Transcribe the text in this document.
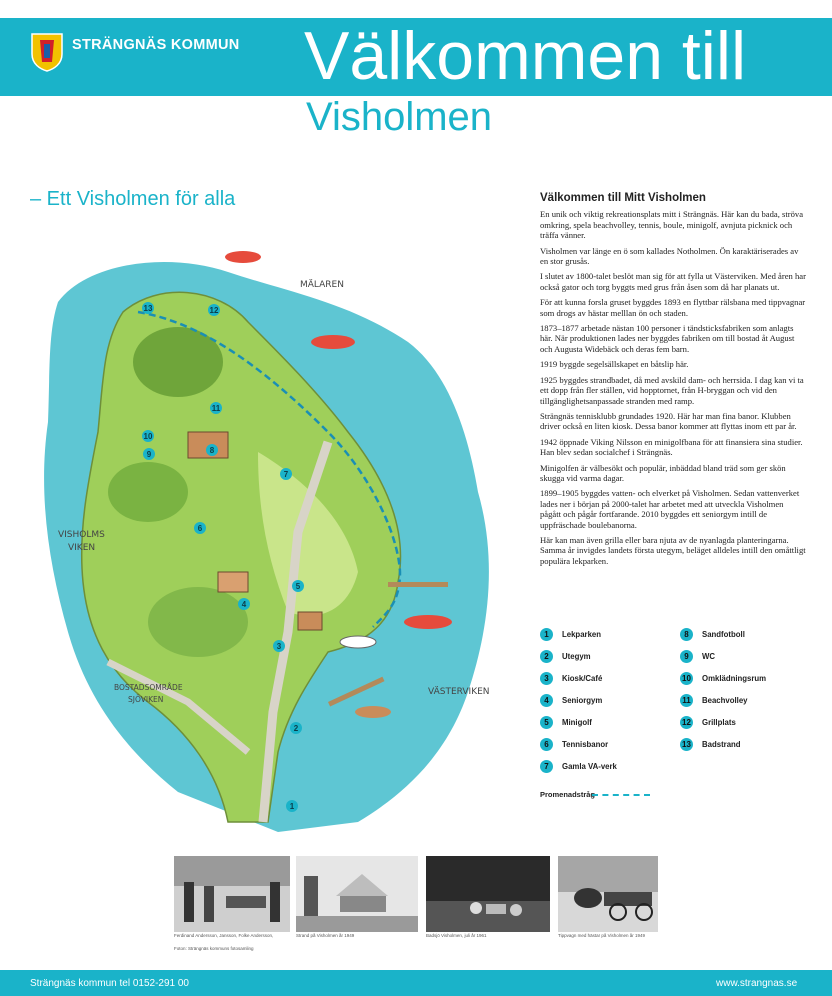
STRÄNGNÄS KOMMUN Välkommen till
Visholmen
– Ett Visholmen för alla
MÄLAREN
VISHOLMS
VIKEN
VÄSTERVIKEN
BOSTADSOMRÅDE
SJÖVIKEN
1
2
3
4
5
6
7
8
9
10
11
12
13
Välkommen till Mitt Visholmen

En unik och viktig rekreationsplats mitt i Strängnäs. Här kan du bada, ströva omkring, spela beachvolley, tennis, boule, minigolf, avnjuta picknick och träffa vänner.

Visholmen var länge en ö som kallades Notholmen. Ön karaktäriserades av en stor grusås.

I slutet av 1800-talet beslöt man sig för att fylla ut Västerviken. Med åren har också gator och torg byggts med grus från åsen som då har planats ut.

För att kunna forsla gruset byggdes 1893 en flyttbar rälsbana med tippvagnar som drogs av hästar melllan ön och staden.

1873–1877 arbetade nästan 100 personer i tändsticksfabriken som anlagts här. När produktionen lades ner byggdes fabriken om till bostad åt August och Augusta Widebäck och deras fem barn.

1919 byggde segelsällskapet en båtslip här.

1925 byggdes strandbadet, då med avskild dam- och herrsida. I dag kan vi ta ett dopp från fler ställen, vid hopptornet, från H-bryggan och vid den tillgänglighetsanpassade stranden med ramp.

Strängnäs tennisklubb grundades 1920. Här har man fina banor. Klubben driver också en liten kiosk. Dessa banor kommer att flyttas inom ett par år.

1942 öppnade Viking Nilsson en minigolfbana för att finansiera sina studier. Han blev sedan socialchef i Strängnäs.

Minigolfen är välbesökt och populär, inbäddad bland träd som ger skön skugga vid varma dagar.

1899–1905 byggdes vatten- och elverket på Visholmen. Sedan vattenverket lades ner i början på 2000-talet har arbetet med att utveckla Visholmen pågått och pågår fortfarande. 2010 byggdes ett seniorgym intill de uppfräschade boulebanorna.

Här kan man även grilla eller bara njuta av de nyanlagda planteringarna. Samma år invigdes landets första utegym, beläget alldeles intill den omåttligt populära lekparken.

1	Lekparken
2	Utegym
3	Kiosk/Café
4	Seniorgym
5	Minigolf
6	Tennisbanor
7	Gamla VA-verk
8	Sandfotboll
9	WC
10 Omklädningsrum
11 Beachvolley
12 Grillplats
13 Badstrand
Promenadstråg
Ferdinand Andersson, Jansson, Folke Andersson,
Foton: Strängnäs kommuns fotosamling
Strand på Visholmen år 1949	Badsjö Visholmen, juli år 1961	Tippvagn med hästar på Visholmen år 1949
Strängnäs kommun tel 0152-291 00	www.strangnas.se
